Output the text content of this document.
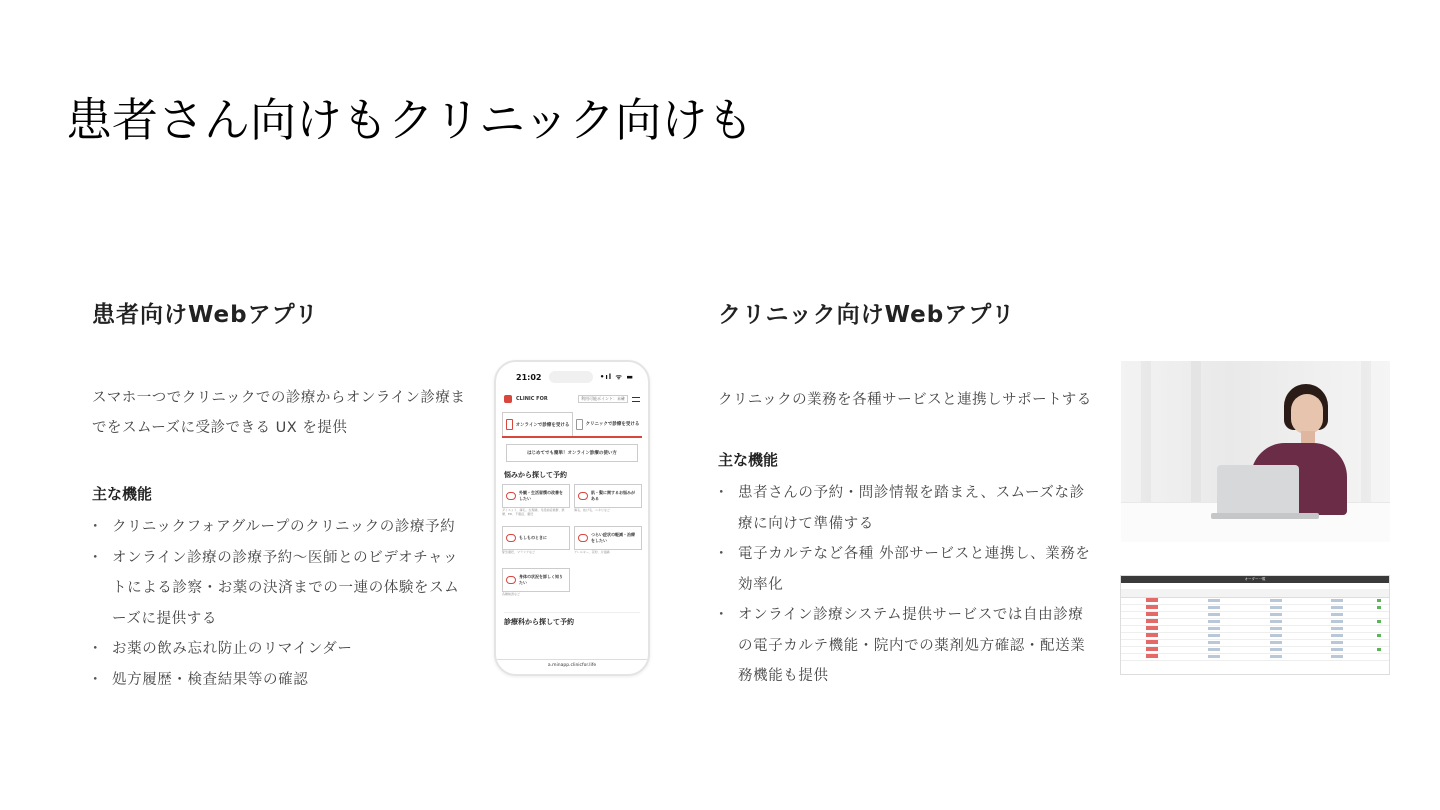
患者さん向けもクリニック向けも
患者向けWebアプリ

スマホ一つでクリニックでの診療からオンライン診療までをスムーズに受診できる UX を提供

主な機能
・ クリニックフォアグループのクリニックの診療予約
・ オンライン診療の診療予約〜医師とのビデオチャットによる診察・お薬の決済までの一連の体験をスムーズに提供する
・ お薬の飲み忘れ防止のリマインダー
・ 処方履歴・検査結果等の確認
21:02	•ıl ᯤ ▬
CLINIC FOR	利用可能ポイント：未確
オンラインで診療を受ける	クリニックで診療を受ける
はじめてでも簡単！オンライン診療の使い方
悩みから探して予約
外観・生活習慣の改善をしたい
ダイエット、薄毛、生理痛、月経前症候群、禁煙、ED、不眠症、避妊
肌・髪に関するお悩みがある
薄毛、抜け毛、ニキビなど
もしものときに
緊急避妊、マラリアなど
つらい症状の軽減・治療をしたい
アレルギー、花粉、片頭痛
身体の状況を詳しく知りたい
各種検査など
診療科から探して予約
a.minapp.clinicfor.life
クリニック向けWebアプリ

クリニックの業務を各種サービスと連携しサポートする

主な機能
・ 患者さんの予約・問診情報を踏まえ、スムーズな診療に向けて準備する
・ 電子カルテなど各種 外部サービスと連携し、業務を効率化
・ オンライン診療システム提供サービスでは自由診療の電子カルテ機能・院内での薬剤処方確認・配送業務機能も提供
オーダー一覧
